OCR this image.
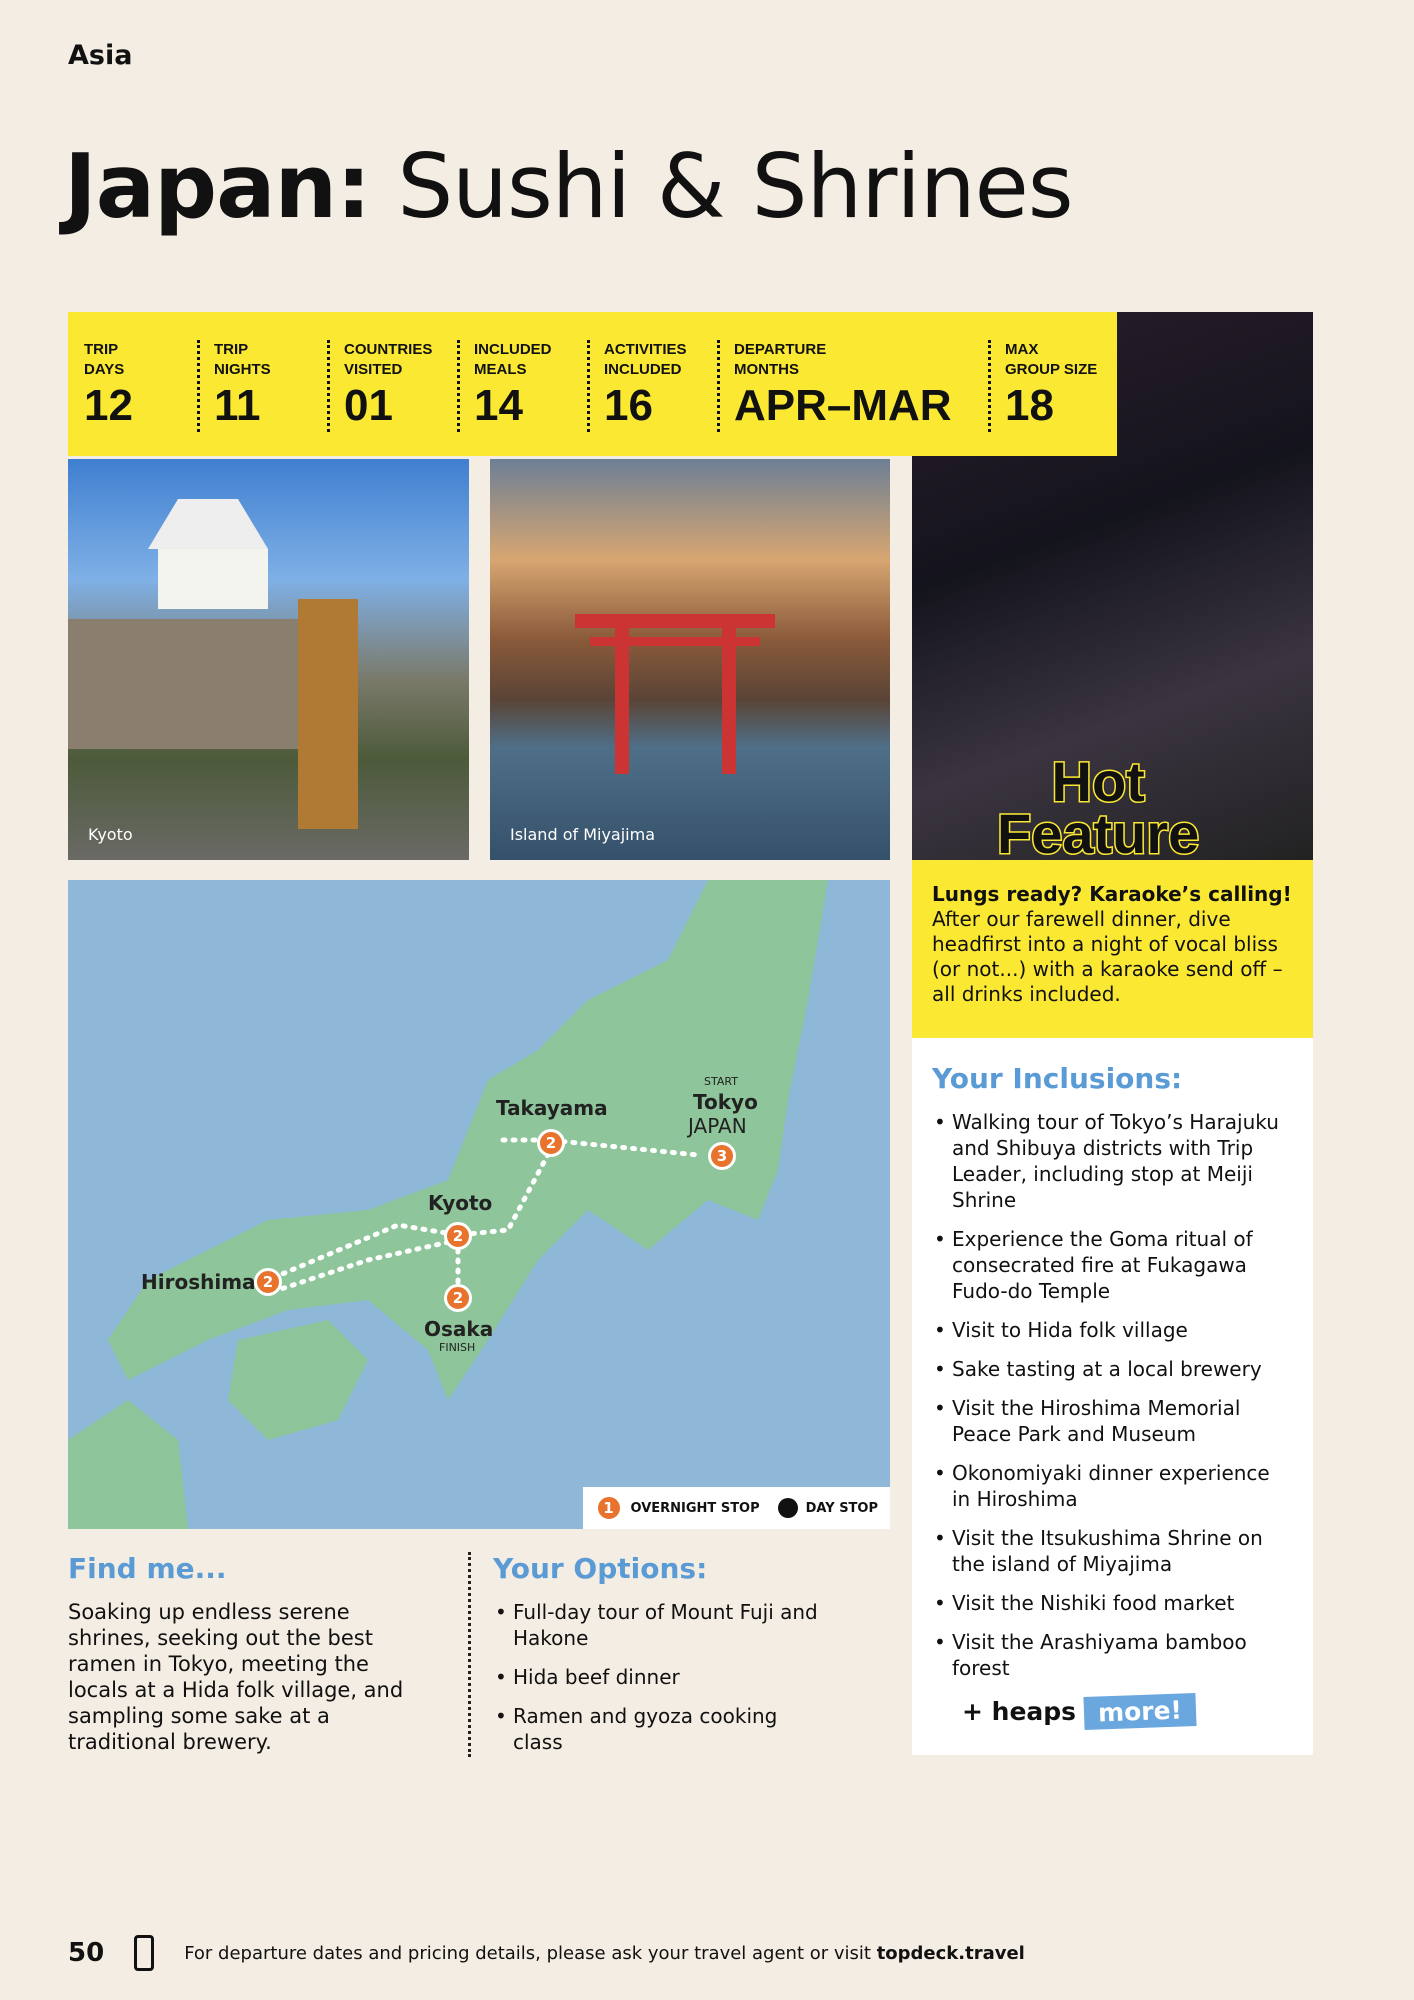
Asia
Japan: Sushi & Shrines
TRIP
DAYS
12
TRIP
NIGHTS
11
COUNTRIES
VISITED
01
INCLUDED
MEALS
14
ACTIVITIES
INCLUDED
16
DEPARTURE
MONTHS
APR–MAR
MAX
GROUP SIZE
18
Kyoto	Island of Miyajima
Hot
Feature
Lungs ready? Karaoke’s calling!
After our farewell dinner, dive headfirst into a night of vocal bliss (or not...) with a karaoke send off – all drinks included.
Your Inclusions:
• Walking tour of Tokyo’s Harajuku and Shibuya districts with Trip Leader, including stop at Meiji Shrine
• Experience the Goma ritual of consecrated fire at Fukagawa Fudo-do Temple
• Visit to Hida folk village
• Sake tasting at a local brewery
• Visit the Hiroshima Memorial Peace Park and Museum
• Okonomiyaki dinner experience in Hiroshima
• Visit the Itsukushima Shrine on the island of Miyajima
• Visit the Nishiki food market
• Visit the Arashiyama bamboo forest
+ heaps more!
3
2
2
2
2
START
Tokyo
JAPAN
Takayama
Kyoto
Osaka
FINISH
Hiroshima
1	OVERNIGHT STOP	DAY STOP
Find me...

Soaking up endless serene shrines, seeking out the best ramen in Tokyo, meeting the locals at a Hida folk village, and sampling some sake at a traditional brewery.

Your Options:
• Full-day tour of Mount Fuji and Hakone
• Hida beef dinner
• Ramen and gyoza cooking class
50	For departure dates and pricing details, please ask your travel agent or visit topdeck.travel
